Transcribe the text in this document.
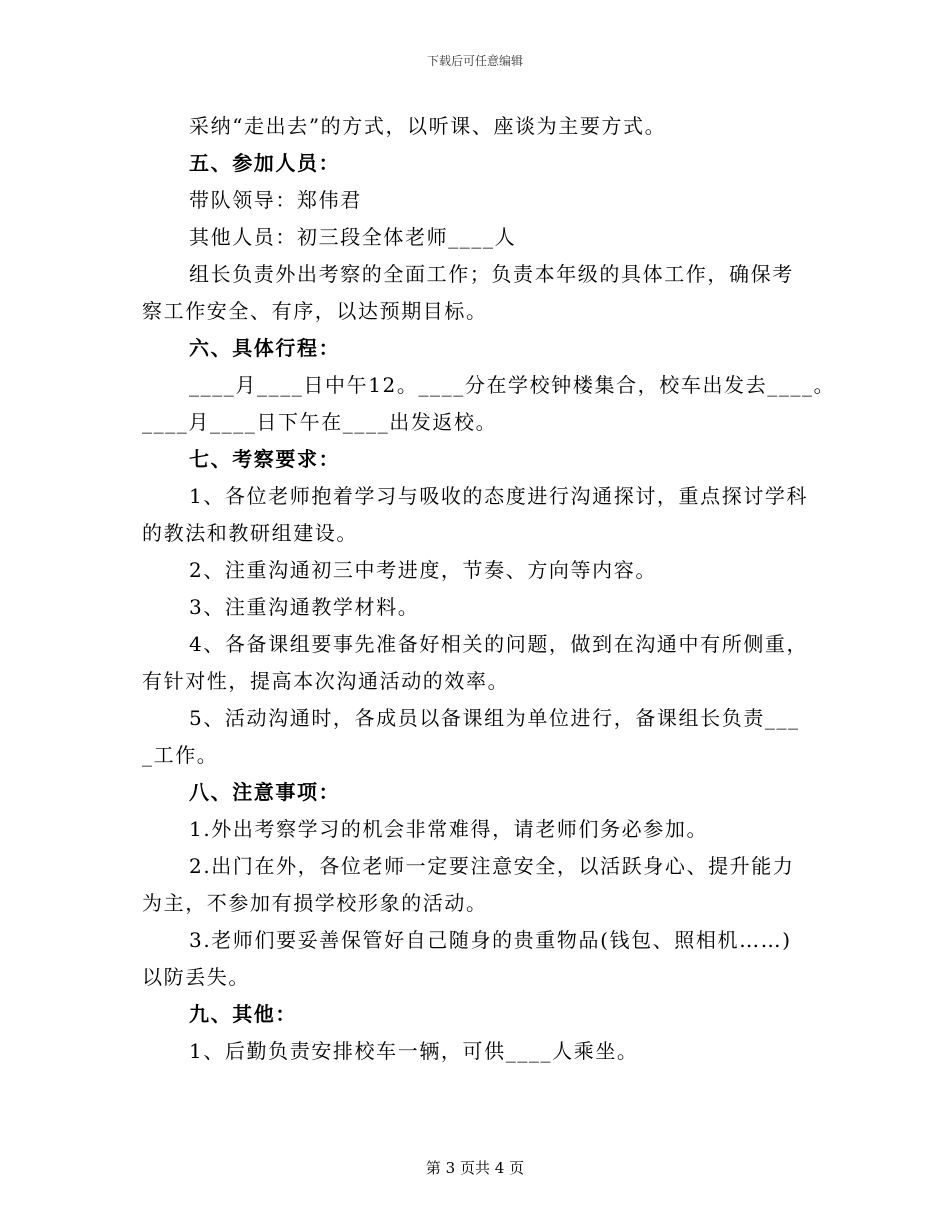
下载后可任意编辑

采纳“走出去”的方式，以听课、座谈为主要方式。

五、参加人员：

带队领导：郑伟君

其他人员：初三段全体老师____人

组长负责外出考察的全面工作；负责本年级的具体工作，确保考察工作安全、有序，以达预期目标。

六、具体行程：

____月____日中午12。____分在学校钟楼集合，校车出发去____。

____月____日下午在____出发返校。

七、考察要求：

1、各位老师抱着学习与吸收的态度进行沟通探讨，重点探讨学科的教法和教研组建设。

2、注重沟通初三中考进度，节奏、方向等内容。

3、注重沟通教学材料。

4、各备课组要事先准备好相关的问题，做到在沟通中有所侧重，有针对性，提高本次沟通活动的效率。

5、活动沟通时，各成员以备课组为单位进行，备课组长负责____工作。

八、注意事项：

1.外出考察学习的机会非常难得，请老师们务必参加。

2.出门在外，各位老师一定要注意安全，以活跃身心、提升能力为主，不参加有损学校形象的活动。

3.老师们要妥善保管好自己随身的贵重物品(钱包、照相机……)以防丢失。

九、其他：

1、后勤负责安排校车一辆，可供____人乘坐。

第 3 页共 4 页
